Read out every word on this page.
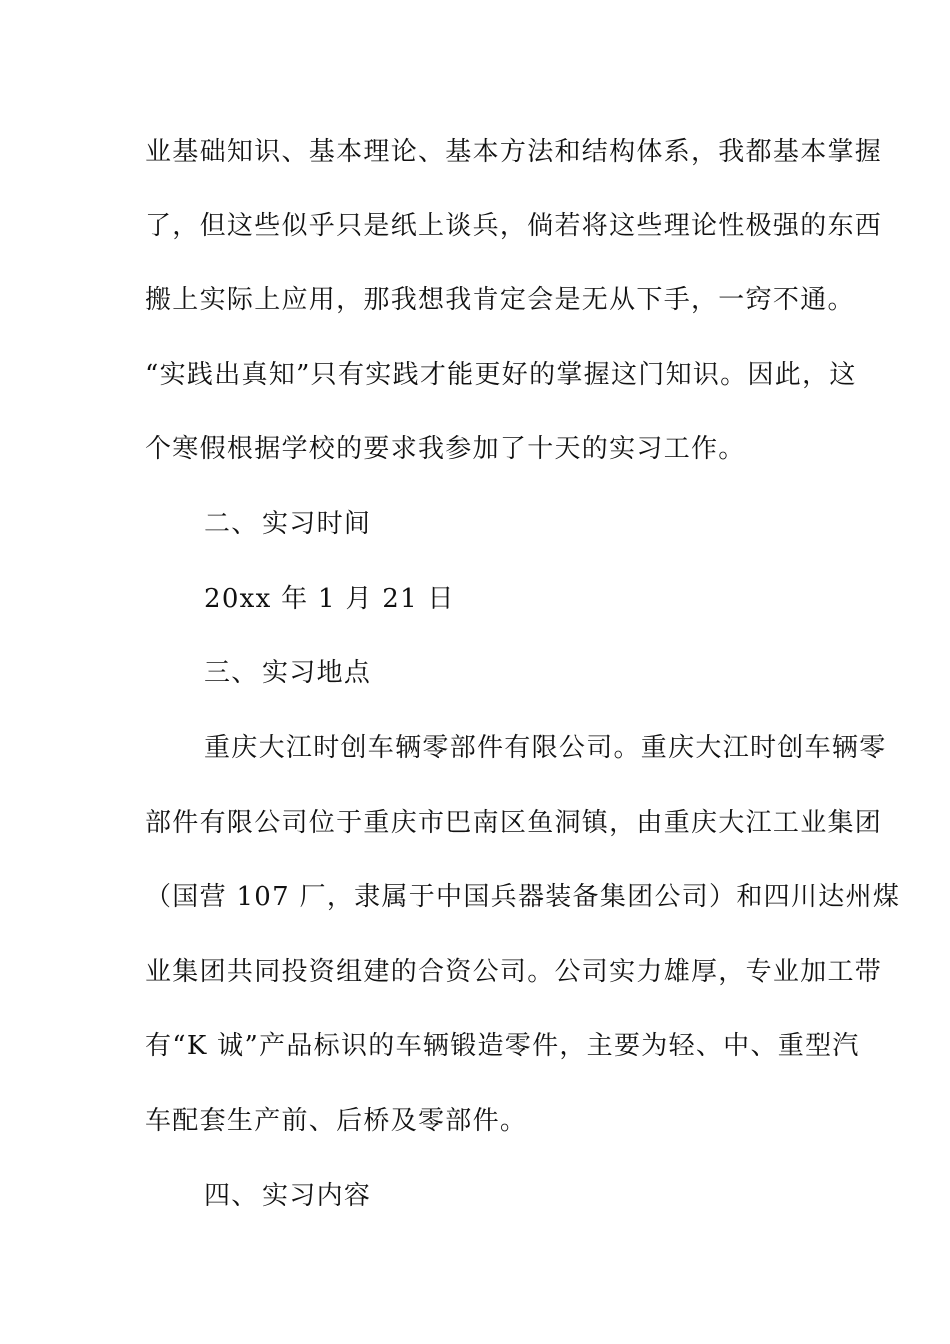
业基础知识、基本理论、基本方法和结构体系，我都基本掌握
了，但这些似乎只是纸上谈兵，倘若将这些理论性极强的东西
搬上实际上应用，那我想我肯定会是无从下手，一窍不通。
“实践出真知”只有实践才能更好的掌握这门知识。因此，这
个寒假根据学校的要求我参加了十天的实习工作。
二、 实习时间
20xx 年 1 月 21 日
三、 实习地点
重庆大江时创车辆零部件有限公司。重庆大江时创车辆零
部件有限公司位于重庆市巴南区鱼洞镇，由重庆大江工业集团
（国营 107 厂，隶属于中国兵器装备集团公司）和四川达州煤
业集团共同投资组建的合资公司。公司实力雄厚，专业加工带
有“K 诚”产品标识的车辆锻造零件，主要为轻、中、重型汽
车配套生产前、后桥及零部件。
四、 实习内容
